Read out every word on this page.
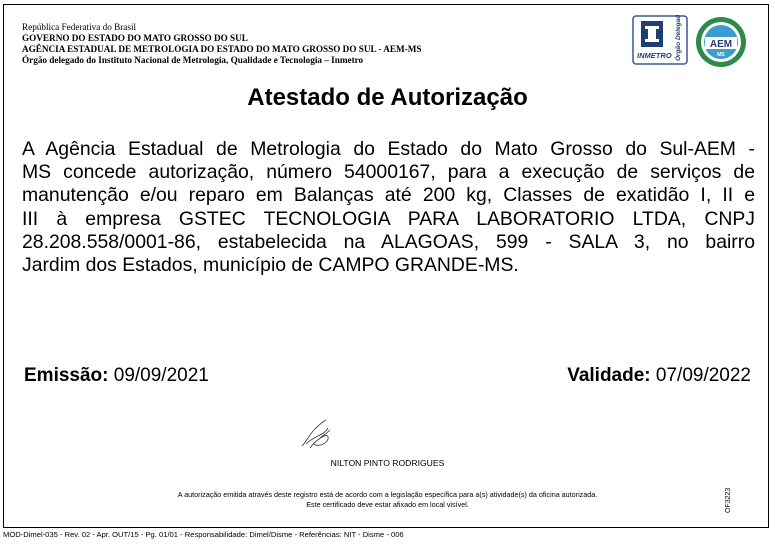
República Federativa do Brasil
GOVERNO DO ESTADO DO MATO GROSSO DO SUL
AGÊNCIA ESTADUAL DE METROLOGIA DO ESTADO DO MATO GROSSO DO SUL - AEM-MS
Órgão delegado do Instituto Nacional de Metrologia, Qualidade e Tecnologia – Inmetro	INMETRO Órgão Delegado	AEM
MS
Atestado de Autorização
A Agência Estadual de Metrologia do Estado do Mato Grosso do Sul-AEM -
MS concede autorização, número 54000167, para a execução de serviços de
manutenção e/ou reparo em Balanças até 200 kg, Classes de exatidão I, II e
III à empresa GSTEC TECNOLOGIA PARA LABORATORIO LTDA, CNPJ
28.208.558/0001-86, estabelecida na ALAGOAS, 599 - SALA 3, no bairro
Jardim dos Estados, município de CAMPO GRANDE-MS.
Emissão: 09/09/2021	Validade: 07/09/2022
NILTON PINTO RODRIGUES
A autorização emitida através deste registro está de acordo com a legislação específica para a(s) atividade(s) da oficina autorizada.
Este certificado deve estar afixado em local visível.	OF3223
MOD-Dimel-035 - Rev. 02 - Apr. OUT/15 - Pg. 01/01 - Responsabilidade: Dimel/Disme - Referências: NIT - Disme - 006
